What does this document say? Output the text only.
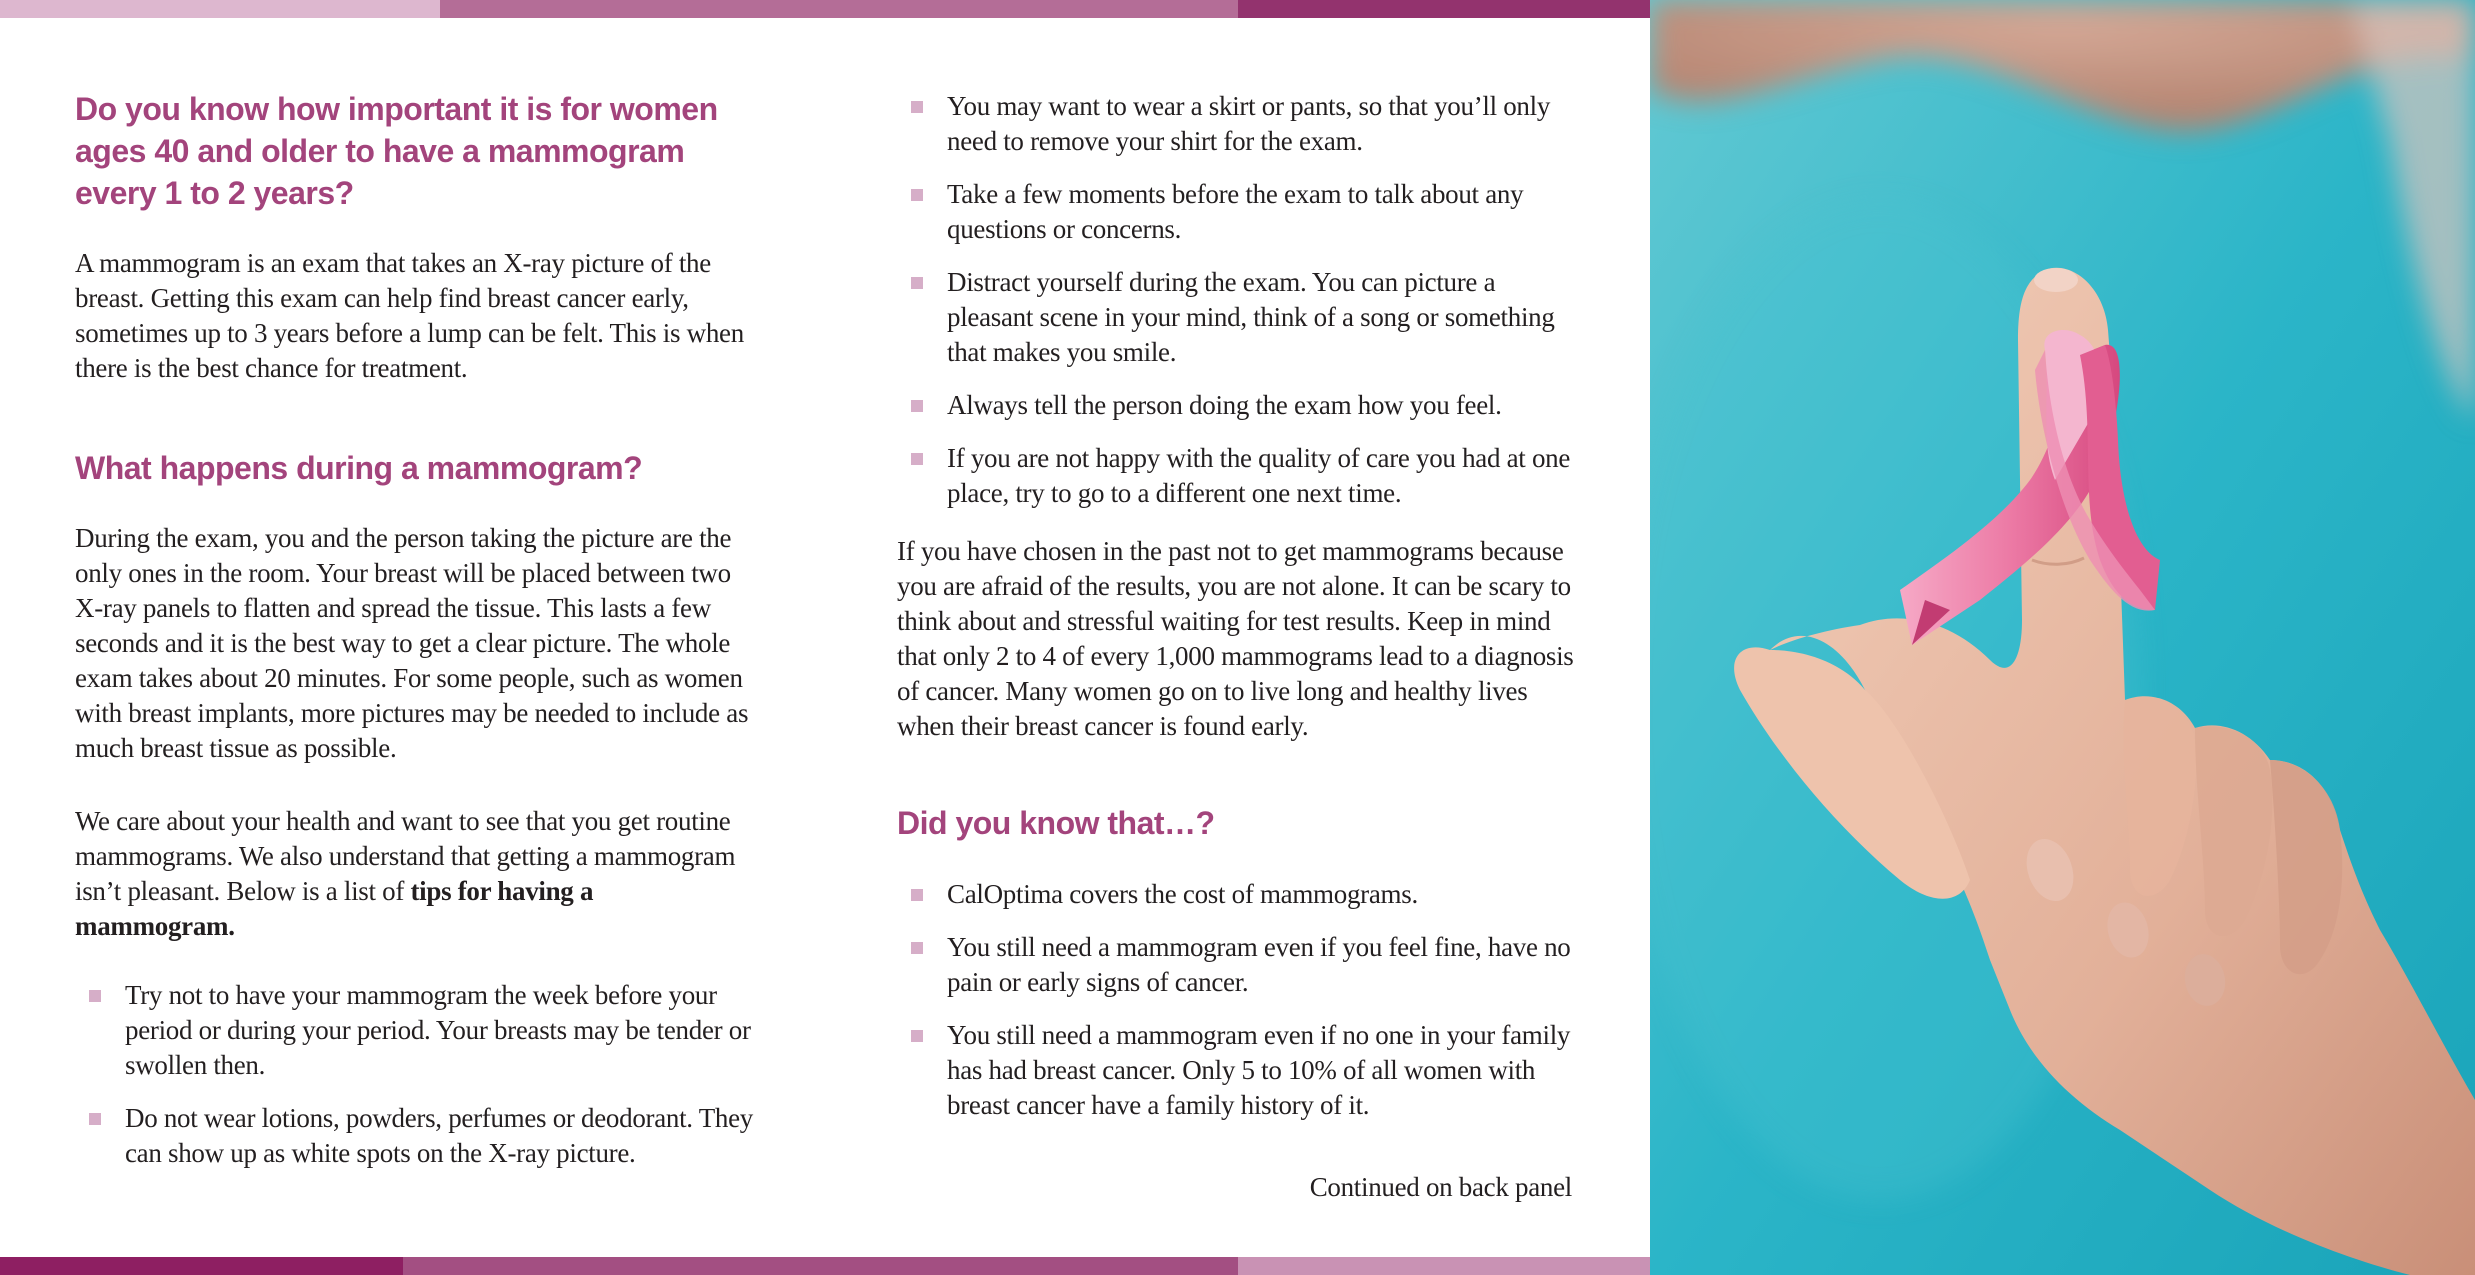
Do you know how important it is for women ages 40 and older to have a mammogram every 1 to 2 years?

A mammogram is an exam that takes an X-ray picture of the breast. Getting this exam can help find breast cancer early, sometimes up to 3 years before a lump can be felt. This is when there is the best chance for treatment.

What happens during a mammogram?

During the exam, you and the person taking the picture are the only ones in the room. Your breast will be placed between two X-ray panels to flatten and spread the tissue. This lasts a few seconds and it is the best way to get a clear picture. The whole exam takes about 20 minutes. For some people, such as women with breast implants, more pictures may be needed to include as much breast tissue as possible.

We care about your health and want to see that you get routine mammograms. We also understand that getting a mammogram isn’t pleasant. Below is a list of tips for having a mammogram.

Try not to have your mammogram the week before your period or during your period. Your breasts may be tender or swollen then.
Do not wear lotions, powders, perfumes or deodorant. They can show up as white spots on the X-ray picture.
You may want to wear a skirt or pants, so that you’ll only need to remove your shirt for the exam.
Take a few moments before the exam to talk about any questions or concerns.
Distract yourself during the exam. You can picture a pleasant scene in your mind, think of a song or something that makes you smile.
Always tell the person doing the exam how you feel.
If you are not happy with the quality of care you had at one place, try to go to a different one next time.

If you have chosen in the past not to get mammograms because you are afraid of the results, you are not alone. It can be scary to think about and stressful waiting for test results. Keep in mind that only 2 to 4 of every 1,000 mammograms lead to a diagnosis of cancer. Many women go on to live long and healthy lives when their breast cancer is found early.

Did you know that…?
CalOptima covers the cost of mammograms.
You still need a mammogram even if you feel fine, have no pain or early signs of cancer.
You still need a mammogram even if no one in your family has had breast cancer. Only 5 to 10% of all women with breast cancer have a family history of it.

Continued on back panel
